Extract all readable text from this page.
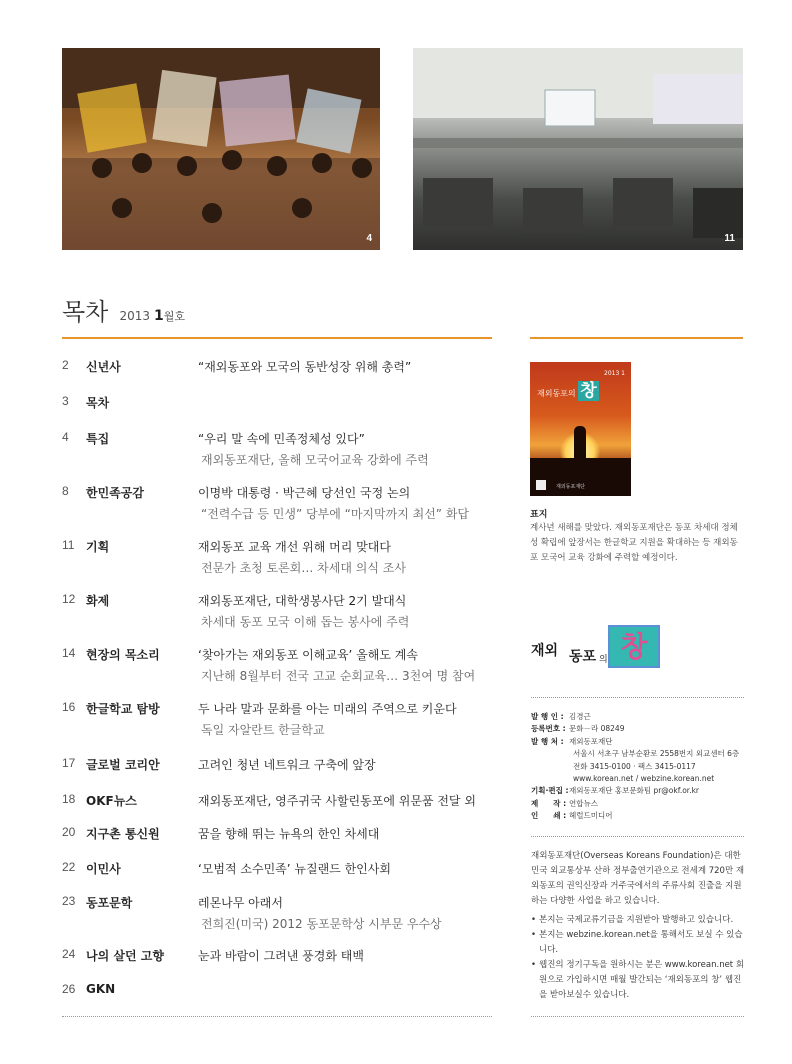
4	11
목차 2013 1월호
2	신년사	“재외동포와 모국의 동반성장 위해 총력”
3	목차
4	특집	“우리 말 속에 민족정체성 있다”
재외동포재단, 올해 모국어교육 강화에 주력
8	한민족공감	이명박 대통령 · 박근혜 당선인 국정 논의
“전력수급 등 민생” 당부에 “마지막까지 최선” 화답
11 기획	재외동포 교육 개선 위해 머리 맞대다
전문가 초청 토론회… 차세대 의식 조사
12 화제	재외동포재단, 대학생봉사단 2기 발대식
차세대 동포 모국 이해 돕는 봉사에 주력
14 현장의 목소리	‘찾아가는 재외동포 이해교육’ 올해도 계속
지난해 8월부터 전국 고교 순회교육… 3천여 명 참여
16 한글학교 탐방	두 나라 말과 문화를 아는 미래의 주역으로 키운다
독일 자알란트 한글학교
17 글로벌 코리안	고려인 청년 네트워크 구축에 앞장
18 OKF뉴스	재외동포재단, 영주귀국 사할린동포에 위문품 전달 외
20 지구촌 통신원	꿈을 향해 뛰는 뉴욕의 한인 차세대
22 이민사	‘모범적 소수민족’ 뉴질랜드 한인사회
23 동포문학	레몬나무 아래서
전희진(미국) 2012 동포문학상 시부문 우수상
24 나의 살던 고향	눈과 바람이 그려낸 풍경화 태백
26 GKN
재외동포의 창
2013 1
재외동포재단
표지
계사년 새해를 맞았다. 재외동포재단은 동포 차세대 정체성 확립에 앞장서는 한글학교 지원을 확대하는 등 재외동포 모국어 교육 강화에 주력할 예정이다.
재외 동포 의 창
발 행 인 : 김경근
등록번호 : 문화－라 08249
발 행 처 : 재외동포재단
서울시 서초구 남부순환로 2558번지 외교센터 6층
전화 3415-0100 · 팩스 3415-0117
www.korean.net / webzine.korean.net
기획·편집 : 재외동포재단 홍보문화팀 pr@okf.or.kr
제　　작 : 연합뉴스
인　　쇄 : 헤럴드미디어
재외동포재단(Overseas Koreans Foundation)은 대한민국 외교통상부 산하 정부출연기관으로 전세계 720만 재외동포의 권익신장과 거주국에서의 주류사회 진출을 지원하는 다양한 사업을 하고 있습니다.
• 본지는 국제교류기금을 지원받아 발행하고 있습니다.
• 본지는 webzine.korean.net을 통해서도 보실 수 있습니다.
• 웹진의 정기구독을 원하시는 분은 www.korean.net 회원으로 가입하시면 매월 발간되는 ‘재외동포의 창’ 웹진을 받아보실수 있습니다.
